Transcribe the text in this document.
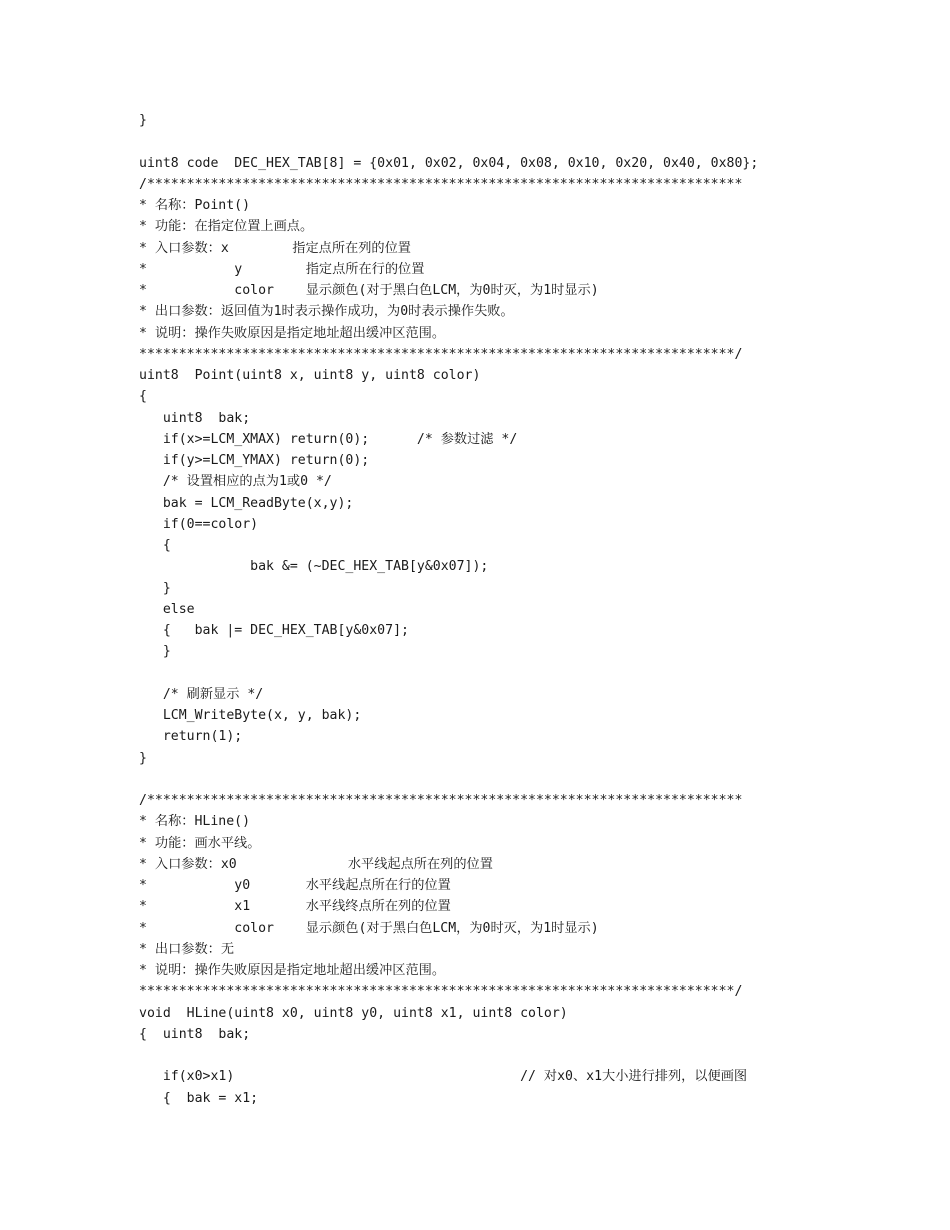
}
uint8 code  DEC_HEX_TAB[8] = {0x01, 0x02, 0x04, 0x08, 0x10, 0x20, 0x40, 0x80};
/***************************************************************************
* 名称：Point()
* 功能：在指定位置上画点。
* 入口参数：x        指定点所在列的位置
*           y        指定点所在行的位置
*           color    显示颜色(对于黑白色LCM，为0时灭，为1时显示)
* 出口参数：返回值为1时表示操作成功，为0时表示操作失败。
* 说明：操作失败原因是指定地址超出缓冲区范围。
***************************************************************************/
uint8  Point(uint8 x, uint8 y, uint8 color)
{
uint8  bak;
if(x>=LCM_XMAX) return(0);      /* 参数过滤 */
if(y>=LCM_YMAX) return(0);
/* 设置相应的点为1或0 */
bak = LCM_ReadByte(x,y);
if(0==color)
{
bak &= (~DEC_HEX_TAB[y&0x07]);
}
else
{   bak |= DEC_HEX_TAB[y&0x07];
}
/* 刷新显示 */
LCM_WriteByte(x, y, bak);
return(1);
}
/***************************************************************************
* 名称：HLine()
* 功能：画水平线。
* 入口参数：x0              水平线起点所在列的位置
*           y0       水平线起点所在行的位置
*           x1       水平线终点所在列的位置
*           color    显示颜色(对于黑白色LCM，为0时灭，为1时显示)
* 出口参数：无
* 说明：操作失败原因是指定地址超出缓冲区范围。
***************************************************************************/
void  HLine(uint8 x0, uint8 y0, uint8 x1, uint8 color)
{  uint8  bak;
if(x0>x1)                                    // 对x0、x1大小进行排列，以便画图
{  bak = x1;
